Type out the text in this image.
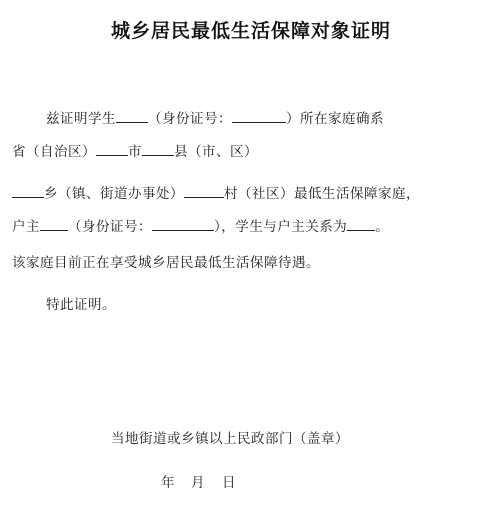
城乡居民最低生活保障对象证明
兹证明学生 （身份证号：	）所在家庭确系
省（自治区） 市 县（市、区）
乡（镇、街道办事处）	村（社区）最低生活保障家庭，
户主 （身份证号：	），学生与户主关系为 。
该家庭目前正在享受城乡居民最低生活保障待遇。
特此证明。
当地街道或乡镇以上民政部门（盖章）
年 月 日
